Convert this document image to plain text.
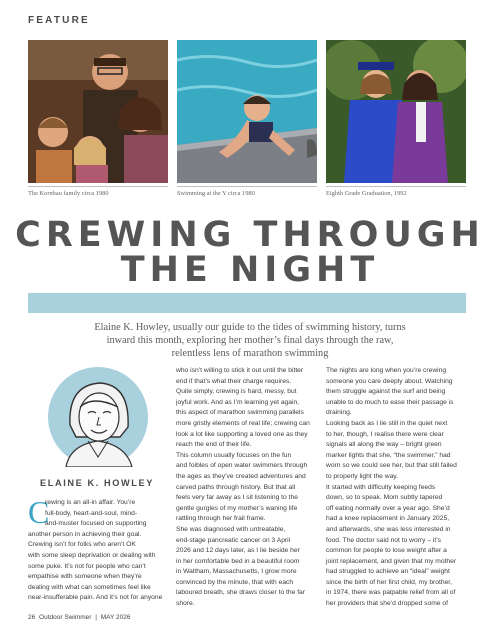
FEATURE
The Kornbau family circa 1980	Swimming at the Y circa 1980	Eighth Grade Graduation, 1992
CREWING THROUGH
THE NIGHT
Elaine K. Howley, usually our guide to the tides of swimming history, turns
inward this month, exploring her mother’s final days through the raw,
relentless lens of marathon swimming
ELAINE K. HOWLEY
C
rewing is an all-in affair. You’re
full-body, heart-and-soul, mind-
and-muster focused on supporting
another person in achieving their goal.
Crewing isn’t for folks who aren’t OK
with some sleep deprivation or dealing with
some puke. It’s not for people who can’t
empathise with someone when they’re
dealing with what can sometimes feel like
near-insufferable pain. And it’s not for anyone
who isn’t willing to stick it out until the bitter
end if that’s what their charge requires.
Quite simply, crewing is hard, messy, but
joyful work. And as I’m learning yet again,
this aspect of marathon swimming parallels
more gristly elements of real life; crewing can
look a lot like supporting a loved one as they
reach the end of their life.
This column usually focuses on the fun
and foibles of open water swimmers through
the ages as they’ve created adventures and
carved paths through history. But that all
feels very far away as I sit listening to the
gentle gurgles of my mother’s waning life
rattling through her frail frame.
She was diagnosed with untreatable,
end-stage pancreatic cancer on 3 April
2026 and 12 days later, as I lie beside her
in her comfortable bed in a beautiful room
in Waltham, Massachusetts, I grow more
convinced by the minute, that with each
laboured breath, she draws closer to the far
shore.
The nights are long when you’re crewing
someone you care deeply about. Watching
them struggle against the surf and being
unable to do much to ease their passage is
draining.
Looking back as I lie still in the quiet next
to her, though, I realise there were clear
signals all along the way – bright green
marker lights that she, “the swimmer,” had
worn so we could see her, but that still failed
to properly light the way.
It started with difficulty keeping feeds
down, so to speak. Mom subtly tapered
off eating normally over a year ago. She’d
had a knee replacement in January 2025,
and afterwards, she was less interested in
food. The doctor said not to worry – it’s
common for people to lose weight after a
joint replacement, and given that my mother
had struggled to achieve an “ideal” weight
since the birth of her first child, my brother,
in 1974, there was palpable relief from all of
her providers that she’d dropped some of
26 Outdoor Swimmer | MAY 2026
